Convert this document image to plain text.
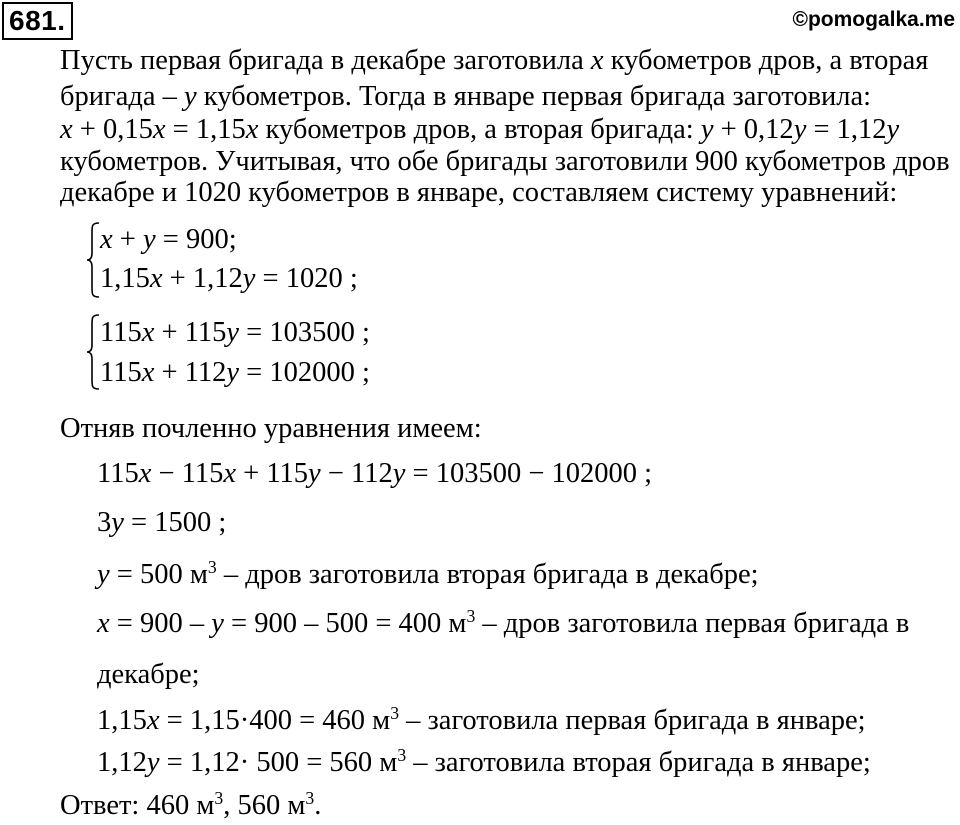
681.	©pomogalka.me
Пусть первая бригада в декабре заготовила x кубометров дров, а вторая
бригада – y кубометров. Тогда в январе первая бригада заготовила:
x + 0,15x = 1,15x кубометров дров, а вторая бригада: y + 0,12y = 1,12y
кубометров. Учитывая, что обе бригады заготовили 900 кубометров дров
декабре и 1020 кубометров в январе, составляем систему уравнений:
x + y = 900;
1,15x + 1,12y = 1020 ;
115x + 115y = 103500 ;
115x + 112y = 102000 ;
Отняв почленно уравнения имеем:
115x − 115x + 115y − 112y = 103500 − 102000 ;
3y = 1500 ;
y = 500 $м^3$ – дров заготовила вторая бригада в декабре;
x = 900 – y = 900 – 500 = 400 $м^3$ – дров заготовила первая бригада в
декабре;
1,15x = 1,15·400 = 460 $м^3$ – заготовила первая бригада в январе;
1,12y = 1,12· 500 = 560 $м^3$ – заготовила вторая бригада в январе;
Ответ: 460 $м^3$, 560 $м^3$.
